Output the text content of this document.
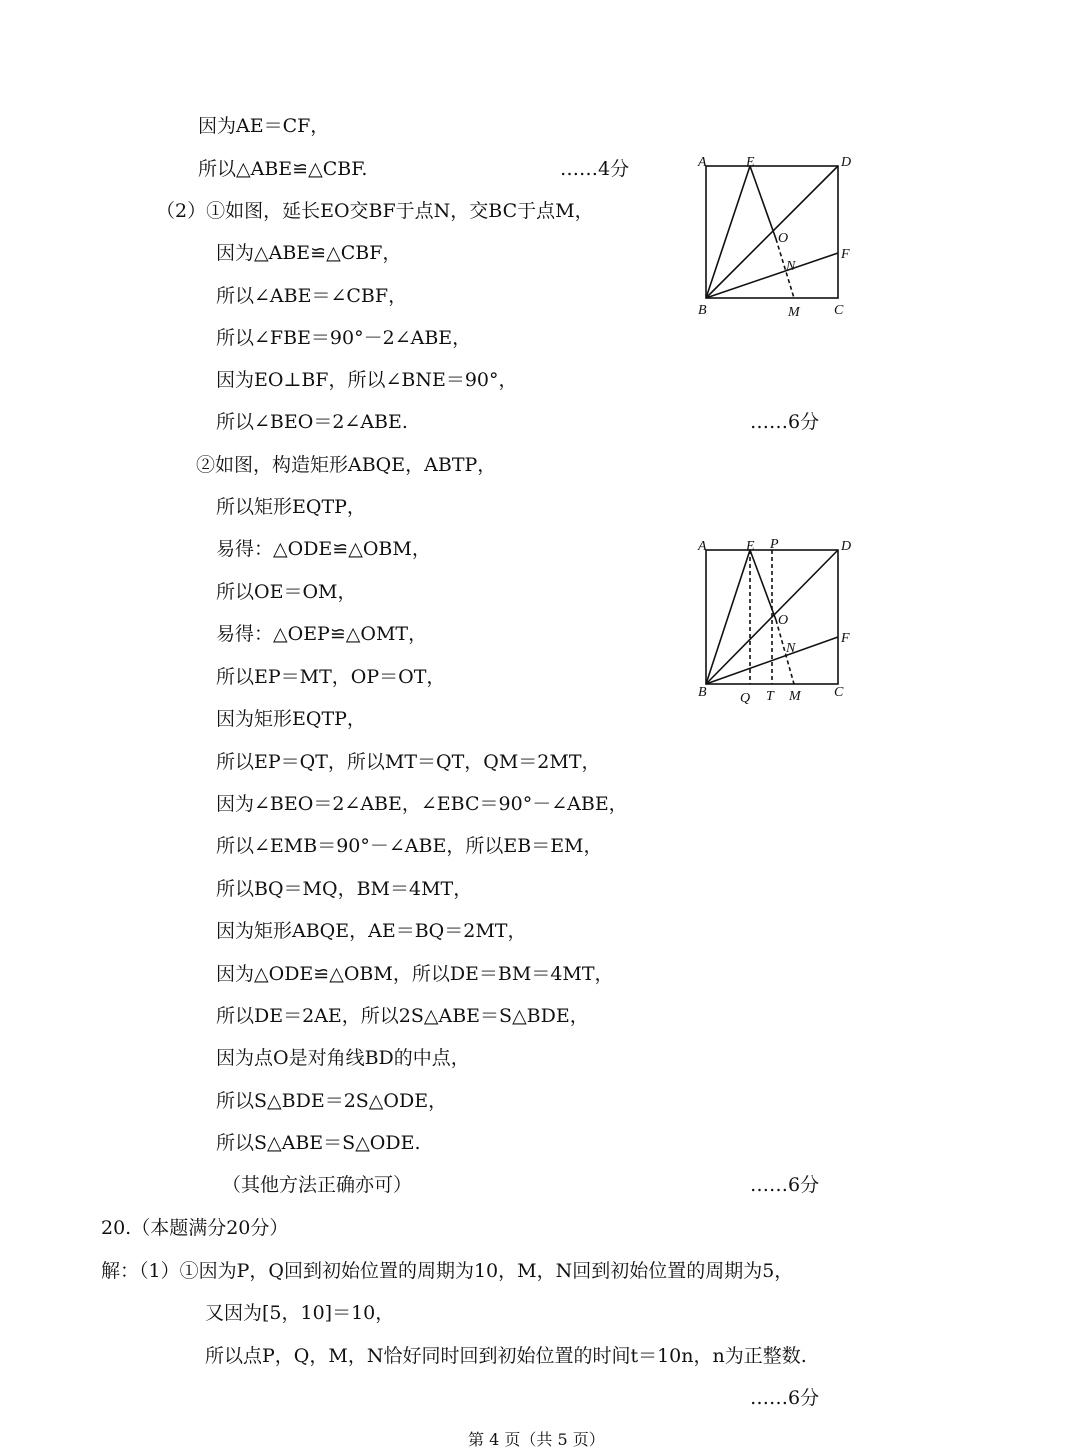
因为AE＝CF，
所以△ABE≌△CBF.
（2）①如图，延长EO交BF于点N，交BC于点M，
因为△ABE≌△CBF，
所以∠ABE＝∠CBF，
所以∠FBE＝90°－2∠ABE，
因为EO⊥BF，所以∠BNE＝90°，
所以∠BEO＝2∠ABE.
②如图，构造矩形ABQE，ABTP，
所以矩形EQTP，
易得：△ODE≌△OBM，
所以OE＝OM，
易得：△OEP≌△OMT，
所以EP＝MT，OP＝OT，
因为矩形EQTP，
所以EP＝QT，所以MT＝QT，QM＝2MT，
因为∠BEO＝2∠ABE，∠EBC＝90°－∠ABE，
所以∠EMB＝90°－∠ABE，所以EB＝EM，
所以BQ＝MQ，BM＝4MT，
因为矩形ABQE，AE＝BQ＝2MT，
因为△ODE≌△OBM，所以DE＝BM＝4MT，
所以DE＝2AE，所以2S△ABE＝S△BDE，
因为点O是对角线BD的中点，
所以S△BDE＝2S△ODE，
所以S△ABE＝S△ODE.
（其他方法正确亦可）
20.（本题满分20分）
解：（1）①因为P，Q回到初始位置的周期为10，M，N回到初始位置的周期为5，
又因为[5，10]＝10，
所以点P，Q，M，N恰好同时回到初始位置的时间t＝10n，n为正整数.
……4分
……6分
……6分
……6分
A	E	D
O
F
N
B	M C
A	E P	D
O
F
N
B Q T M C
第 4 页（共 5 页）
